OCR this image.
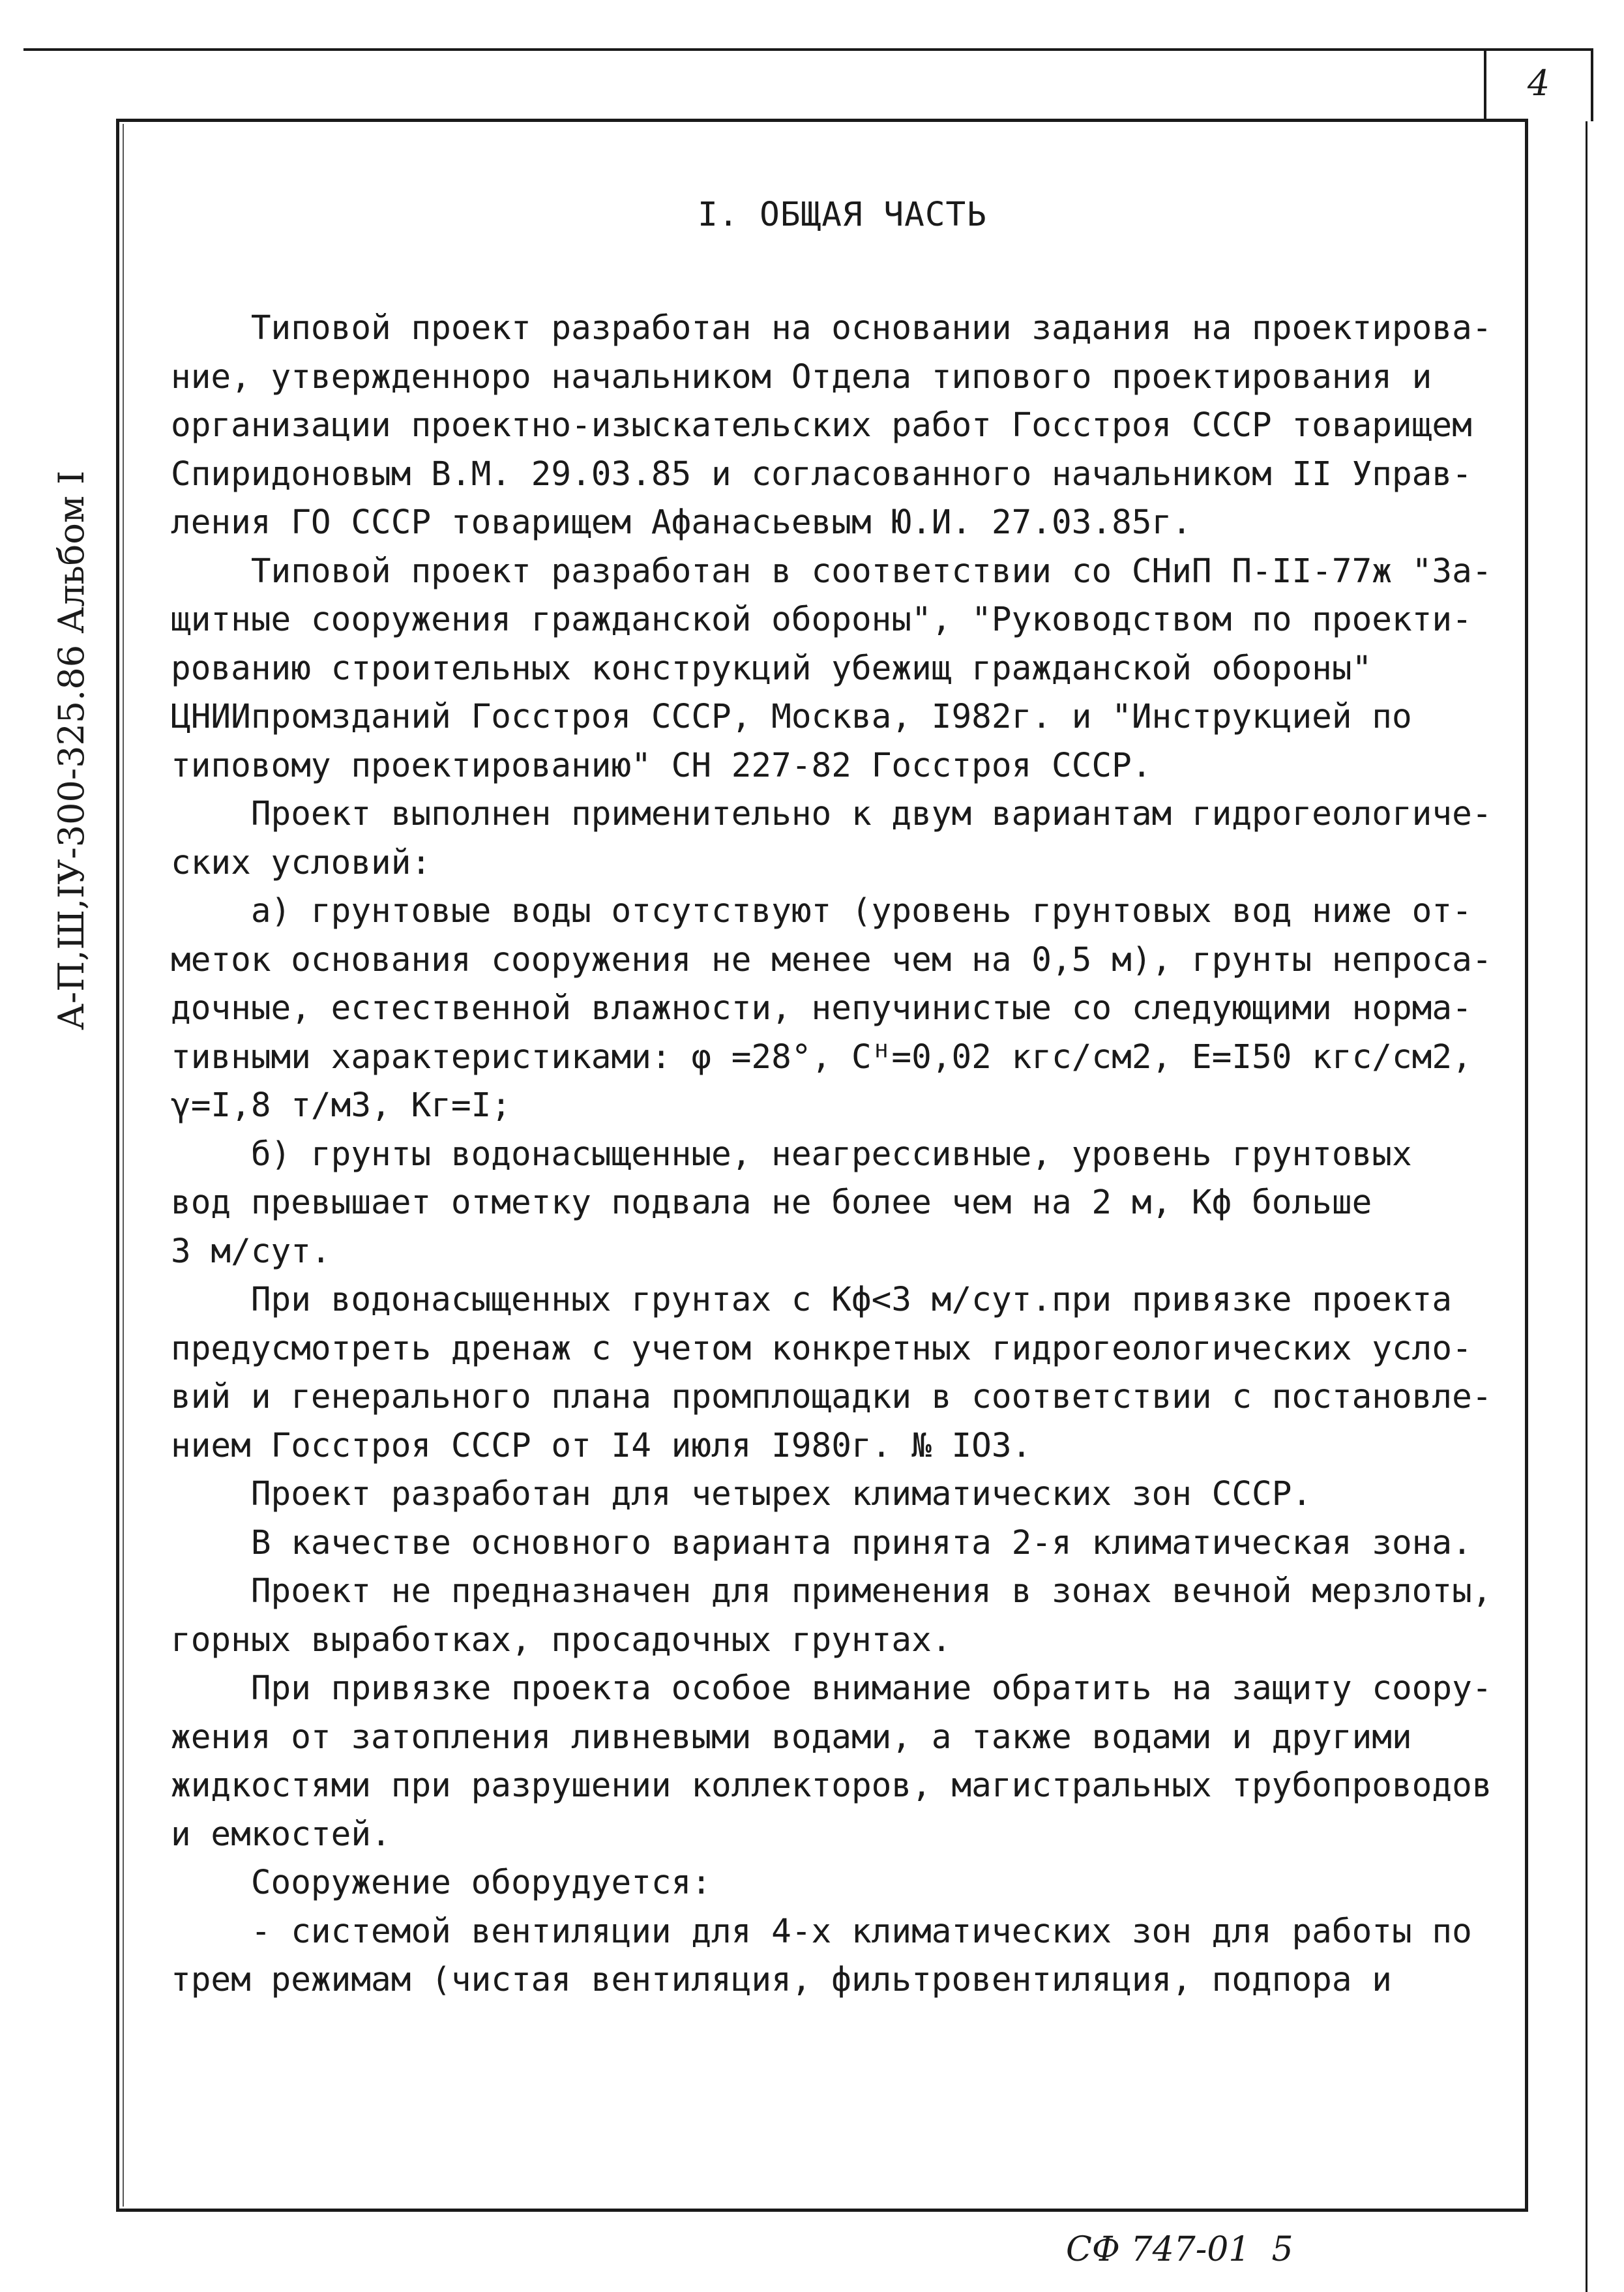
4
А-П,Ш,IУ-300-325.86 Альбом I
I. ОБЩАЯ ЧАСТЬ

Типовой проект разработан на основании задания на проектирова-
ние, утвержденноро начальником Отдела типового проектирования и
организации проектно-изыскательских работ Госстроя СССР товарищем
Спиридоновым В.М. 29.03.85 и согласованного начальником II Управ-
ления ГО СССР товарищем Афанасьевым Ю.И. 27.03.85г.

Типовой проект разработан в соответствии со СНиП П-II-77ж "За-
щитные сооружения гражданской обороны", "Руководством по проекти-
рованию строительных конструкций убежищ гражданской обороны"
ЦНИИпромзданий Госстроя СССР, Москва, I982г. и "Инструкцией по
типовому проектированию" СН 227-82 Госстроя СССР.

Проект выполнен применительно к двум вариантам гидрогеологиче-
ских условий:

а) грунтовые воды отсутствуют (уровень грунтовых вод ниже от-
меток основания сооружения не менее чем на 0,5 м), грунты непроса-
дочные, естественной влажности, непучинистые со следующими норма-
тивными характеристиками: φ =28°, Сᴴ=0,02 кгс/см2, Е=I50 кгс/см2,
γ=I,8 т/м3, Кг=I;

б) грунты водонасыщенные, неагрессивные, уровень грунтовых
вод превышает отметку подвала не более чем на 2 м, Кф больше
3 м/сут.

При водонасыщенных грунтах с Кф<3 м/сут.при привязке проекта
предусмотреть дренаж с учетом конкретных гидрогеологических усло-
вий и генерального плана промплощадки в соответствии с постановле-
нием Госстроя СССР от I4 июля I980г. № IО3.

Проект разработан для четырех климатических зон СССР.

В качестве основного варианта принята 2-я климатическая зона.

Проект не предназначен для применения в зонах вечной мерзлоты,
горных выработках, просадочных грунтах.

При привязке проекта особое внимание обратить на защиту соору-
жения от затопления ливневыми водами, а также водами и другими
жидкостями при разрушении коллекторов, магистральных трубопроводов
и емкостей.

Сооружение оборудуется:

- системой вентиляции для 4-х климатических зон для работы по
трем режимам (чистая вентиляция, фильтровентиляция, подпора и

СФ 747-01  5
